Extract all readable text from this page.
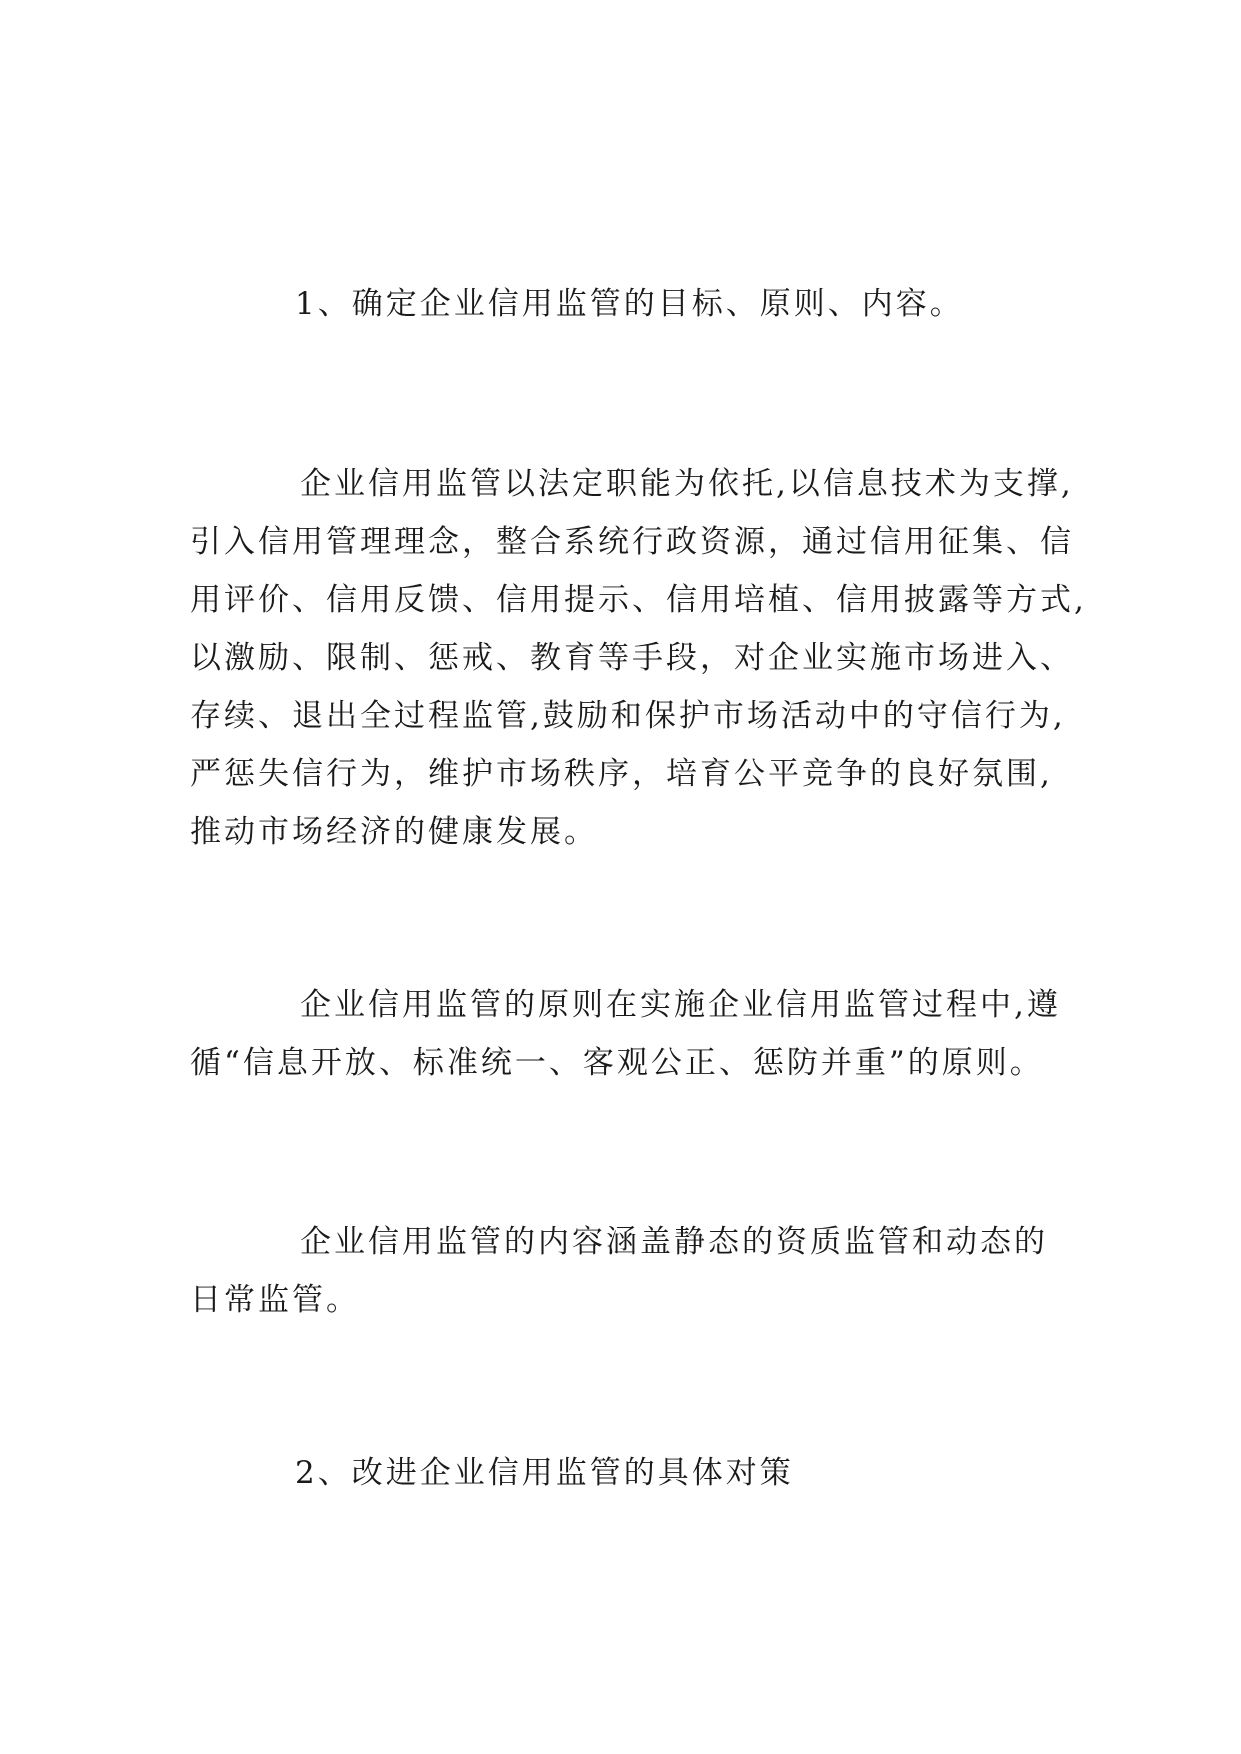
1、确定企业信用监管的目标、原则、内容。
企业信用监管以法定职能为依托,以信息技术为支撑,
引入信用管理理念，整合系统行政资源，通过信用征集、信
用评价、信用反馈、信用提示、信用培植、信用披露等方式,
以激励、限制、惩戒、教育等手段，对企业实施市场进入、
存续、退出全过程监管,鼓励和保护市场活动中的守信行为,
严惩失信行为，维护市场秩序，培育公平竞争的良好氛围,
推动市场经济的健康发展。
企业信用监管的原则在实施企业信用监管过程中,遵
循“信息开放、标准统一、客观公正、惩防并重”的原则。
企业信用监管的内容涵盖静态的资质监管和动态的
日常监管。
2、改进企业信用监管的具体对策
